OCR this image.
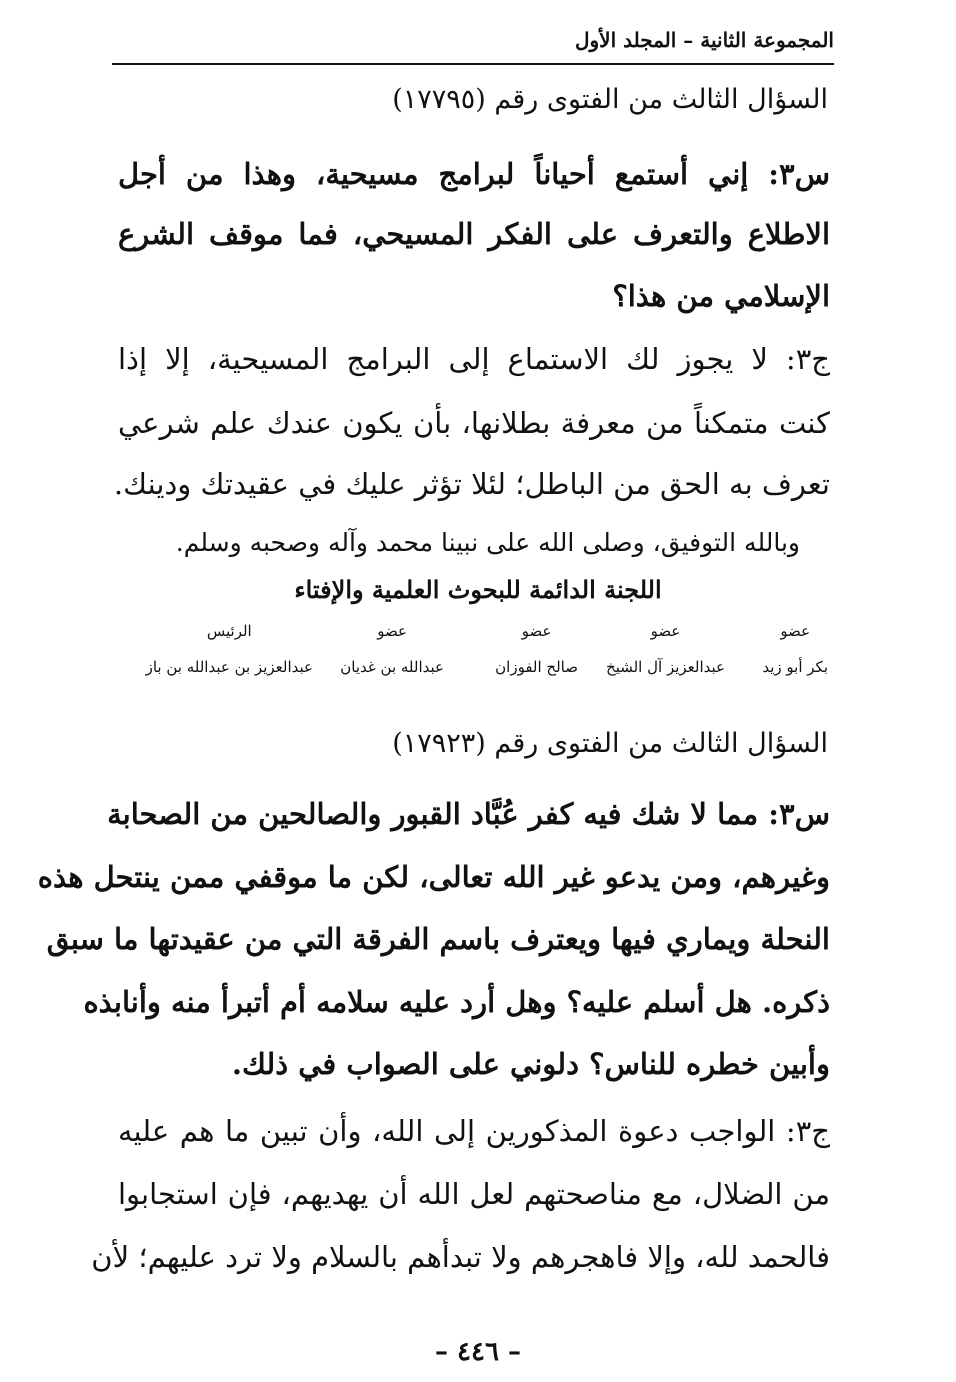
المجموعة الثانية – المجلد الأول
السؤال الثالث من الفتوى رقم (١٧٧٩٥)
س٣: إني أستمع أحياناً لبرامج مسيحية، وهذا من أجل
الاطلاع والتعرف على الفكر المسيحي، فما موقف الشرع
الإسلامي من هذا؟
ج٣: لا يجوز لك الاستماع إلى البرامج المسيحية، إلا إذا
كنت متمكناً من معرفة بطلانها، بأن يكون عندك علم شرعي
تعرف به الحق من الباطل؛ لئلا تؤثر عليك في عقيدتك ودينك.
وبالله التوفيق، وصلى الله على نبينا محمد وآله وصحبه وسلم.
اللجنة الدائمة للبحوث العلمية والإفتاء
عضو
بكر أبو زيد
عضو
عبدالعزيز آل الشيخ
عضو
صالح الفوزان
عضو
عبدالله بن غديان
الرئيس
عبدالعزيز بن عبدالله بن باز
السؤال الثالث من الفتوى رقم (١٧٩٢٣)
س٣: مما لا شك فيه كفر عُبَّاد القبور والصالحين من الصحابة
وغيرهم، ومن يدعو غير الله تعالى، لكن ما موقفي ممن ينتحل هذه
النحلة ويماري فيها ويعترف باسم الفرقة التي من عقيدتها ما سبق
ذكره. هل أسلم عليه؟ وهل أرد عليه سلامه أم أتبرأ منه وأنابذه
وأبين خطره للناس؟ دلوني على الصواب في ذلك.
ج٣: الواجب دعوة المذكورين إلى الله، وأن تبين ما هم عليه
من الضلال، مع مناصحتهم لعل الله أن يهديهم، فإن استجابوا
فالحمد لله، وإلا فاهجرهم ولا تبدأهم بالسلام ولا ترد عليهم؛ لأن
– ٤٤٦ –
